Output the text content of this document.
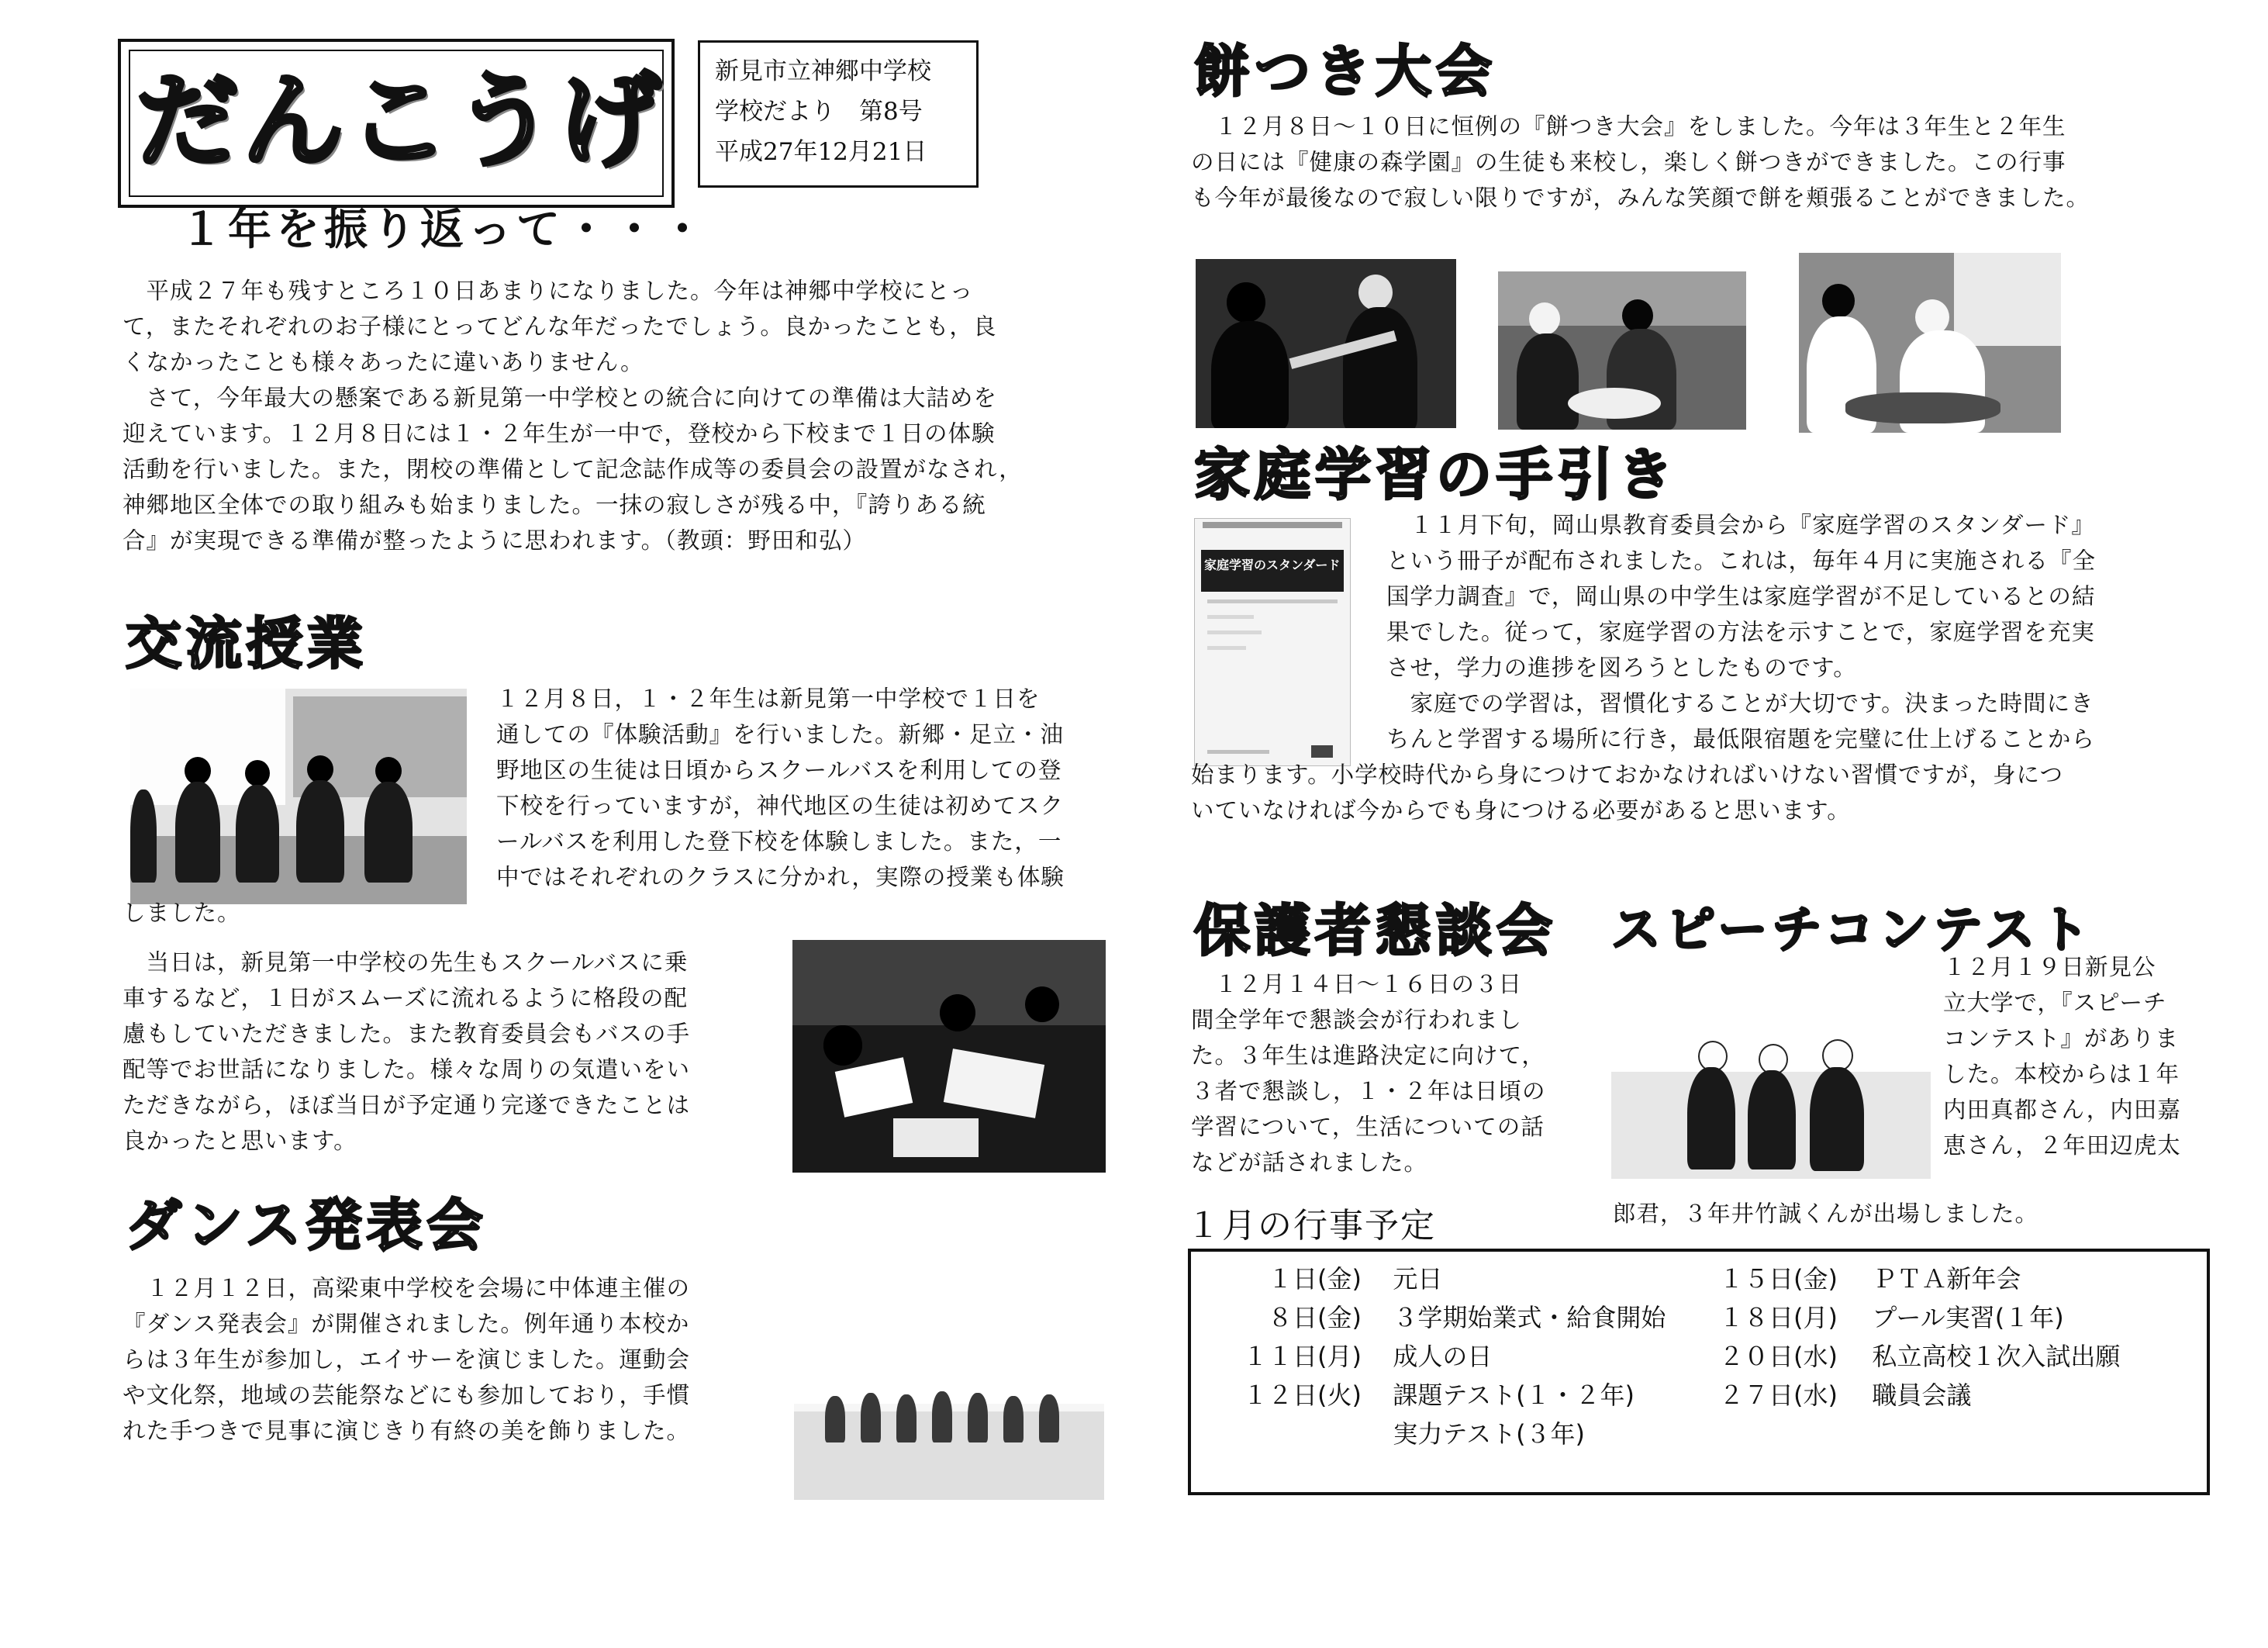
だんこうげ 新見市立神郷中学校
学校だより　第8号
平成27年12月21日
１年を振り返って・・・
　平成２７年も残すところ１０日あまりになりました。今年は神郷中学校にとっ
て，またそれぞれのお子様にとってどんな年だったでしょう。良かったことも，良
くなかったことも様々あったに違いありません。
　さて，今年最大の懸案である新見第一中学校との統合に向けての準備は大詰めを
迎えています。１２月８日には１・２年生が一中で，登校から下校まで１日の体験
活動を行いました。また，閉校の準備として記念誌作成等の委員会の設置がなされ，
神郷地区全体での取り組みも始まりました。一抹の寂しさが残る中，『誇りある統
合』が実現できる準備が整ったように思われます。（教頭：野田和弘）
交流授業
１２月８日，１・２年生は新見第一中学校で１日を
通しての『体験活動』を行いました。新郷・足立・油
野地区の生徒は日頃からスクールバスを利用しての登
下校を行っていますが，神代地区の生徒は初めてスク
ールバスを利用した登下校を体験しました。また，一
中ではそれぞれのクラスに分かれ，実際の授業も体験
しました。
　当日は，新見第一中学校の先生もスクールバスに乗
車するなど，１日がスムーズに流れるように格段の配
慮もしていただきました。また教育委員会もバスの手
配等でお世話になりました。様々な周りの気遣いをい
ただきながら，ほぼ当日が予定通り完遂できたことは
良かったと思います。
ダンス発表会
　１２月１２日，高梁東中学校を会場に中体連主催の
『ダンス発表会』が開催されました。例年通り本校か
らは３年生が参加し，エイサーを演じました。運動会
や文化祭，地域の芸能祭などにも参加しており，手慣
れた手つきで見事に演じきり有終の美を飾りました。
餅つき大会
　１２月８日～１０日に恒例の『餅つき大会』をしました。今年は３年生と２年生
の日には『健康の森学園』の生徒も来校し，楽しく餅つきができました。この行事
も今年が最後なので寂しい限りですが，みんな笑顔で餅を頬張ることができました。
家庭学習の手引き
家庭学習のスタンダード
　１１月下旬，岡山県教育委員会から『家庭学習のスタンダード』
という冊子が配布されました。これは，毎年４月に実施される『全
国学力調査』で，岡山県の中学生は家庭学習が不足しているとの結
果でした。従って，家庭学習の方法を示すことで，家庭学習を充実
させ，学力の進捗を図ろうとしたものです。
　家庭での学習は，習慣化することが大切です。決まった時間にき
ちんと学習する場所に行き，最低限宿題を完璧に仕上げることから
始まります。小学校時代から身につけておかなければいけない習慣ですが，身につ
いていなければ今からでも身につける必要があると思います。
保護者懇談会
　１２月１４日～１６日の３日
間全学年で懇談会が行われまし
た。３年生は進路決定に向けて，
３者で懇談し，１・２年は日頃の
学習について，生活についての話
などが話されました。
スピーチコンテスト
１２月１９日新見公
立大学で，『スピーチ
コンテスト』がありま
した。本校からは１年
内田真都さん，内田嘉
恵さん，２年田辺虎太
郎君，３年井竹誠くんが出場しました。
１月の行事予定
１日(金) 元日
８日(金) ３学期始業式・給食開始
１１日(月) 成人の日
１２日(火) 課題テスト(１・２年)
実力テスト(３年)
１５日(金) ＰＴＡ新年会
１８日(月) プール実習(１年)
２０日(水) 私立高校１次入試出願
２７日(水) 職員会議
